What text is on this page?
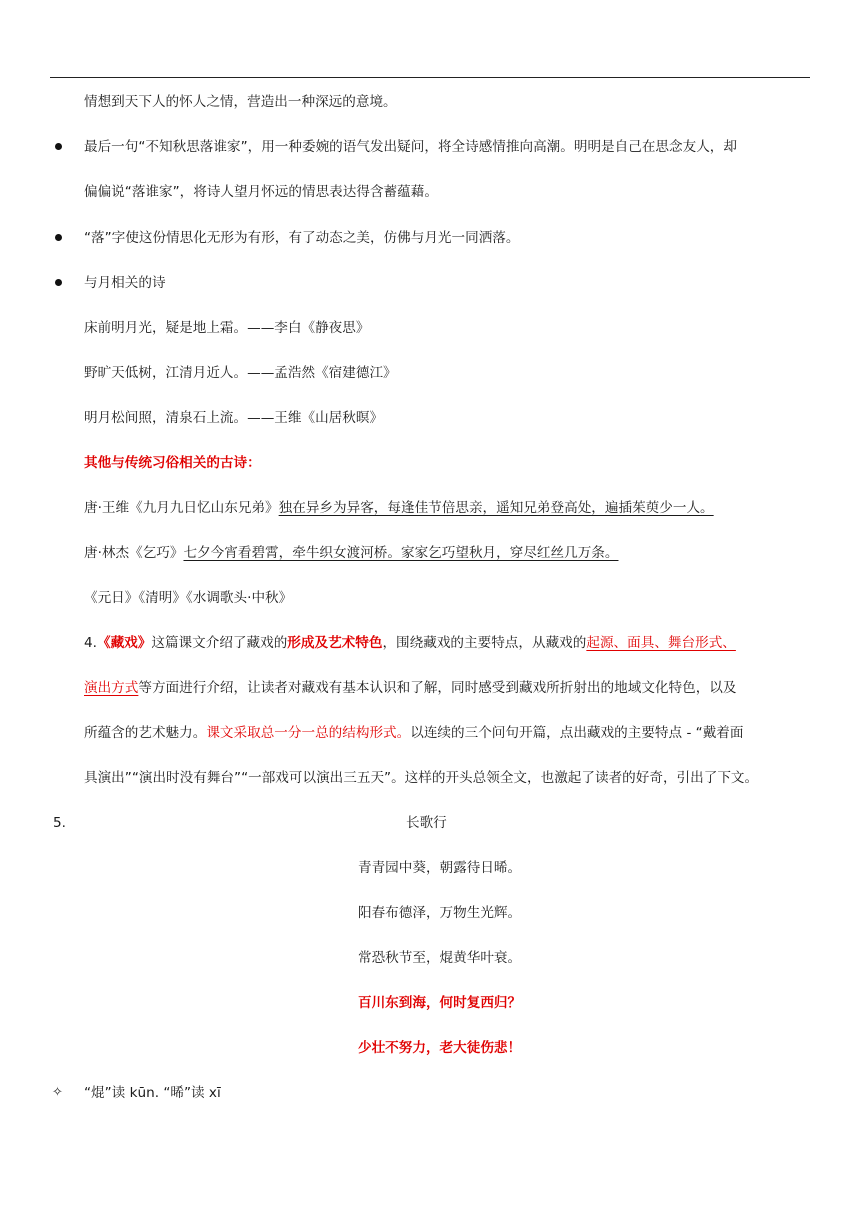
情想到天下人的怀人之情，营造出一种深远的意境。
最后一句“不知秋思落谁家”，用一种委婉的语气发出疑问，将全诗感情推向高潮。明明是自己在思念友人，却
偏偏说“落谁家”，将诗人望月怀远的情思表达得含蓄蕴藉。
“落”字使这份情思化无形为有形，有了动态之美，仿佛与月光一同洒落。
与月相关的诗
床前明月光，疑是地上霜。——李白《静夜思》
野旷天低树，江清月近人。——孟浩然《宿建德江》
明月松间照，清泉石上流。——王维《山居秋暝》
其他与传统习俗相关的古诗：
唐·王维《九月九日忆山东兄弟》独在异乡为异客，每逢佳节倍思亲，遥知兄弟登高处，遍插茱萸少一人。
唐·林杰《乞巧》七夕今宵看碧霄，牵牛织女渡河桥。家家乞巧望秋月，穿尽红丝几万条。
《元日》《清明》《水调歌头·中秋》
4.《藏戏》这篇课文介绍了藏戏的形成及艺术特色，围绕藏戏的主要特点，从藏戏的起源、面具、舞台形式、
演出方式等方面进行介绍，让读者对藏戏有基本认识和了解，同时感受到藏戏所折射出的地域文化特色，以及
所蕴含的艺术魅力。课文采取总一分一总的结构形式。以连续的三个问句开篇，点出藏戏的主要特点 - “戴着面
具演出”“演出时没有舞台”“一部戏可以演出三五天”。这样的开头总领全文，也激起了读者的好奇，引出了下文。
5.	长歌行
青青园中葵，朝露待日晞。
阳春布德泽，万物生光辉。
常恐秋节至，焜黄华叶衰。
百川东到海，何时复西归？
少壮不努力，老大徒伤悲！
✧ “焜”读 kūn. “晞”读 xī
